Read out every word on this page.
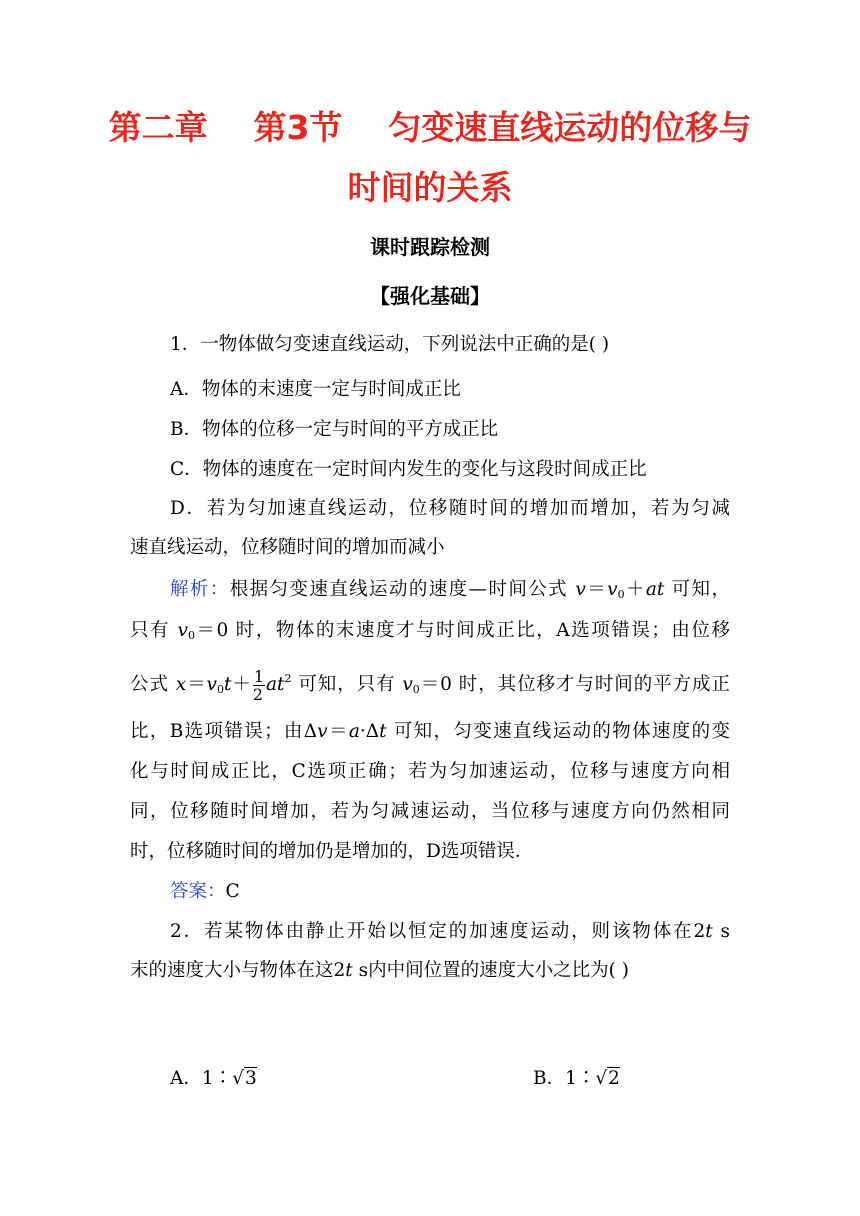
第二章    第3节    匀变速直线运动的位移与
时间的关系
课时跟踪检测
【强化基础】
1．一物体做匀变速直线运动，下列说法中正确的是( )
A．物体的末速度一定与时间成正比
B．物体的位移一定与时间的平方成正比
C．物体的速度在一定时间内发生的变化与这段时间成正比
D．若为匀加速直线运动，位移随时间的增加而增加，若为匀减
速直线运动，位移随时间的增加而减小
解析：根据匀变速直线运动的速度—时间公式 $v=v_0+at$ 可知，
只有 $v_0=0$ 时，物体的末速度才与时间成正比，A选项错误；由位移
公式 $x=v_0t+ \frac{1}{2} at^2$ 可知，只有 $v_0=0$ 时，其位移才与时间的平方成正
比，B选项错误；由Δv＝a·Δt 可知，匀变速直线运动的物体速度的变
化与时间成正比，C选项正确；若为匀加速运动，位移与速度方向相
同，位移随时间增加，若为匀减速运动，当位移与速度方向仍然相同
时，位移随时间的增加仍是增加的，D选项错误．
答案：C
2．若某物体由静止开始以恒定的加速度运动，则该物体在2t s
末的速度大小与物体在这2t s内中间位置的速度大小之比为( )
A．1∶√3	B．1∶√2
